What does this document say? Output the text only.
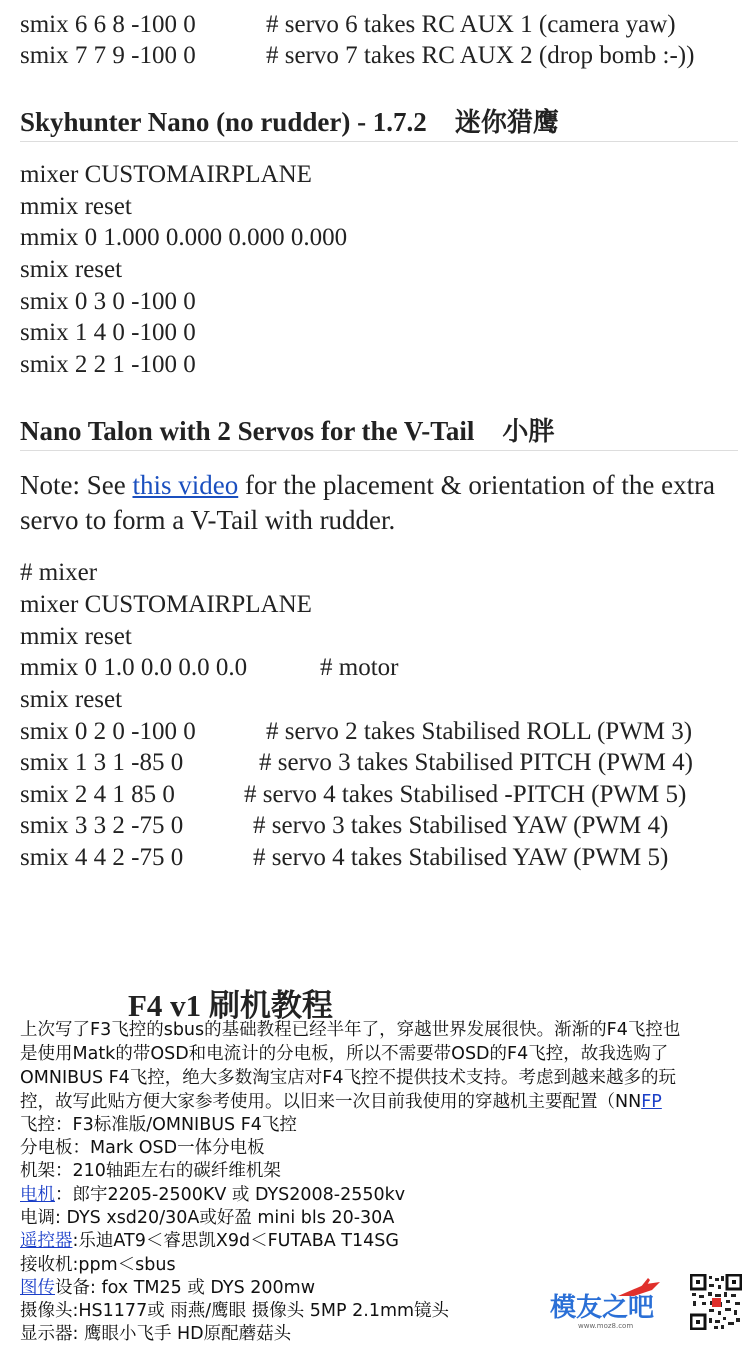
smix 6 6 8 -100 0	# servo 6 takes RC AUX 1 (camera yaw)
smix 7 7 9 -100 0	# servo 7 takes RC AUX 2 (drop bomb :-))
Skyhunter Nano (no rudder) - 1.7.2 迷你猎鹰
mixer CUSTOMAIRPLANE
mmix reset
mmix 0 1.000 0.000 0.000 0.000
smix reset
smix 0 3 0 -100 0
smix 1 4 0 -100 0
smix 2 2 1 -100 0
Nano Talon with 2 Servos for the V-Tail 小胖
Note: See this video for the placement & orientation of the extra servo to form a V-Tail with rudder.
# mixer
mixer CUSTOMAIRPLANE
mmix reset
mmix 0 1.0 0.0 0.0 0.0	# motor
smix reset
smix 0 2 0 -100 0	# servo 2 takes Stabilised ROLL (PWM 3)
smix 1 3 1 -85 0	# servo 3 takes Stabilised PITCH (PWM 4)
smix 2 4 1 85 0	# servo 4 takes Stabilised -PITCH (PWM 5)
smix 3 3 2 -75 0	# servo 3 takes Stabilised YAW (PWM 4)
smix 4 4 2 -75 0	# servo 4 takes Stabilised YAW (PWM 5)
F4 v1 刷机教程
上次写了F3飞控的sbus的基础教程已经半年了，穿越世界发展很快。渐渐的F4飞控也
是使用Matk的带OSD和电流计的分电板，所以不需要带OSD的F4飞控，故我选购了
OMNIBUS F4飞控，绝大多数淘宝店对F4飞控不提供技术支持。考虑到越来越多的玩
控，故写此贴方便大家参考使用。以旧来一次目前我使用的穿越机主要配置（NNFP
飞控：F3标准版/OMNIBUS F4飞控
分电板：Mark OSD一体分电板
机架：210轴距左右的碳纤维机架
电机：郎宇2205-2500KV 或 DYS2008-2550kv
电调: DYS xsd20/30A或好盈 mini bls 20-30A
遥控器:乐迪AT9＜睿思凯X9d＜FUTABA T14SG
接收机:ppm＜sbus
图传设备: fox TM25 或 DYS 200mw
摄像头:HS1177或 雨燕/鹰眼 摄像头 5MP 2.1mm镜头
显示器: 鹰眼小飞手 HD原配蘑菇头
模友之吧
www.moz8.com
